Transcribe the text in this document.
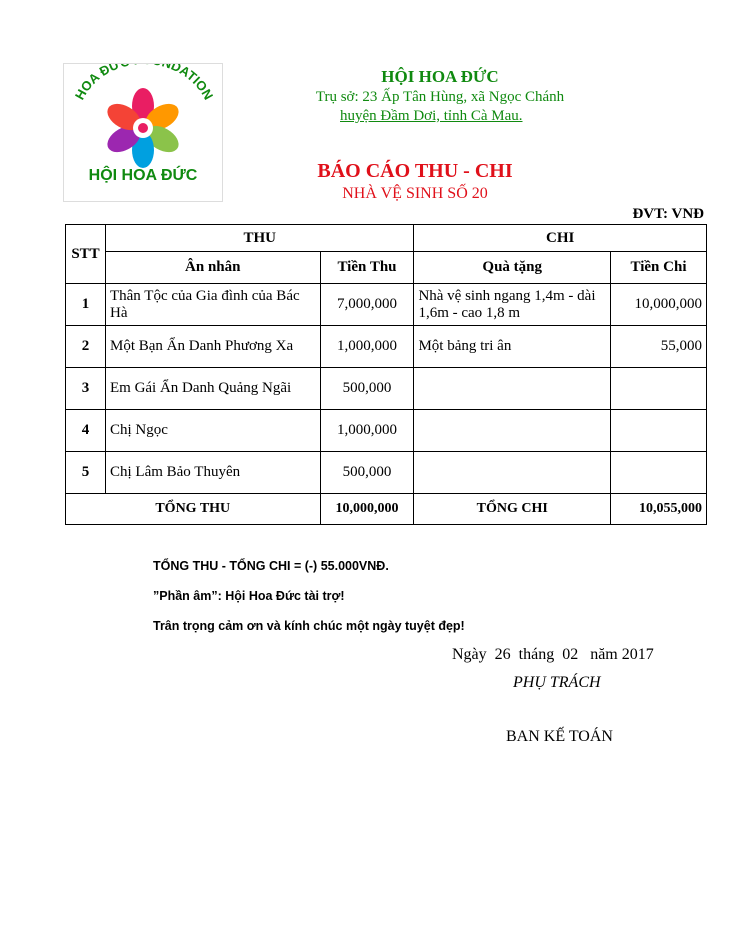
HOA ĐỨ DATION
HỘI HOA ĐỨC
HỘI HOA ĐỨC
Trụ sở: 23 Ấp Tân Hùng, xã Ngọc Chánh
huyện Đầm Dơi, tỉnh Cà Mau.
BÁO CÁO THU - CHI
NHÀ VỆ SINH SỐ 20
ĐVT: VNĐ
STT	THU		CHI	
	Ân nhân	Tiền Thu	Quà tặng	Tiền Chi
1	Thân Tộc của Gia đình của Bác Hà	7,000,000	Nhà vệ sinh ngang 1,4m - dài 1,6m - cao 1,8 m	10,000,000
2	Một Bạn Ẩn Danh Phương Xa	1,000,000	Một bảng tri ân	55,000
3	Em Gái Ẩn Danh Quảng Ngãi	500,000		
4	Chị Ngọc	1,000,000		
5	Chị Lâm Bảo Thuyên	500,000		
TỔNG THU		10,000,000	TỔNG CHI	10,055,000
TỔNG THU - TỔNG CHI = (-) 55.000VNĐ.
”Phần âm”: Hội Hoa Đức tài trợ!
Trân trọng cảm ơn và kính chúc một ngày tuyệt đẹp!
Ngày  26  tháng  02   năm 2017
PHỤ TRÁCH
BAN KẾ TOÁN
